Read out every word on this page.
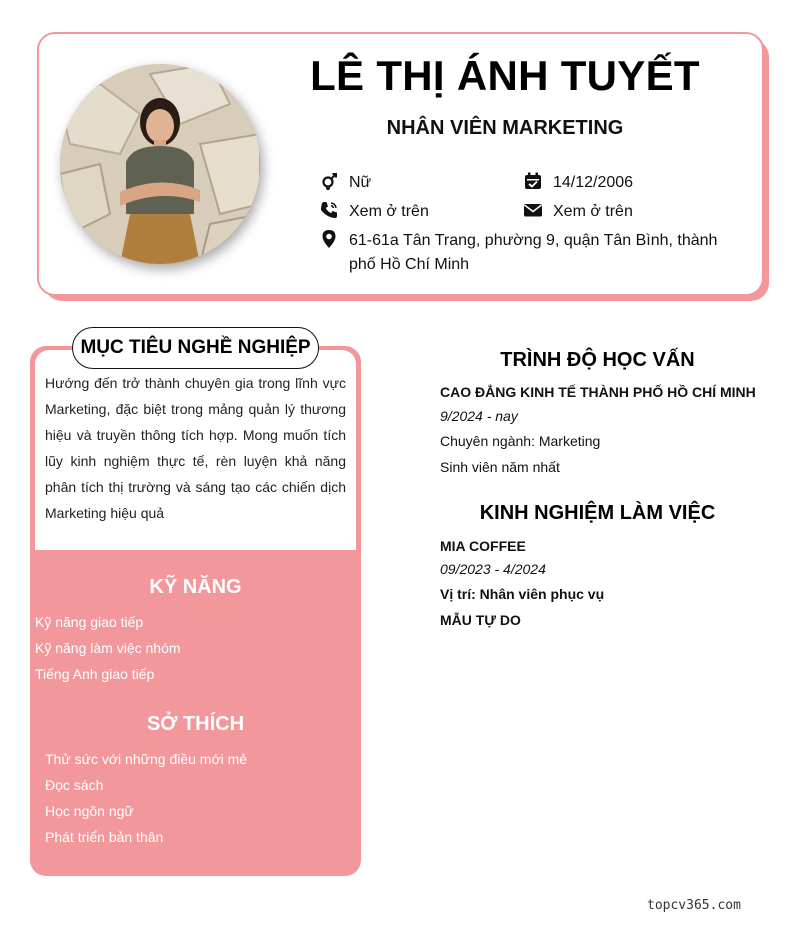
LÊ THỊ ÁNH TUYẾT
NHÂN VIÊN MARKETING
Nữ	14/12/2006
Xem ở trên	Xem ở trên
61-61a Tân Trang, phường 9, quận Tân Bình, thành phố Hồ Chí Minh
MỤC TIÊU NGHỀ NGHIỆP
Hướng đến trở thành chuyên gia trong lĩnh vực Marketing, đặc biệt trong mảng quản lý thương hiệu và truyền thông tích hợp. Mong muốn tích lũy kinh nghiệm thực tế, rèn luyện khả năng phân tích thị trường và sáng tạo các chiến dịch Marketing hiệu quả
KỸ NĂNG
Kỹ năng giao tiếp
Kỹ năng làm việc nhóm
Tiếng Anh giao tiếp
SỞ THÍCH
Thử sức với những điều mới mẻ
Đọc sách
Học ngôn ngữ
Phát triển bản thân
TRÌNH ĐỘ HỌC VẤN
CAO ĐẲNG KINH TẾ THÀNH PHỐ HỒ CHÍ MINH
9/2024 - nay
Chuyên ngành: Marketing
Sinh viên năm nhất
KINH NGHIỆM LÀM VIỆC
MIA COFFEE
09/2023 - 4/2024
Vị trí: Nhân viên phục vụ
MẪU TỰ DO
topcv365.com
